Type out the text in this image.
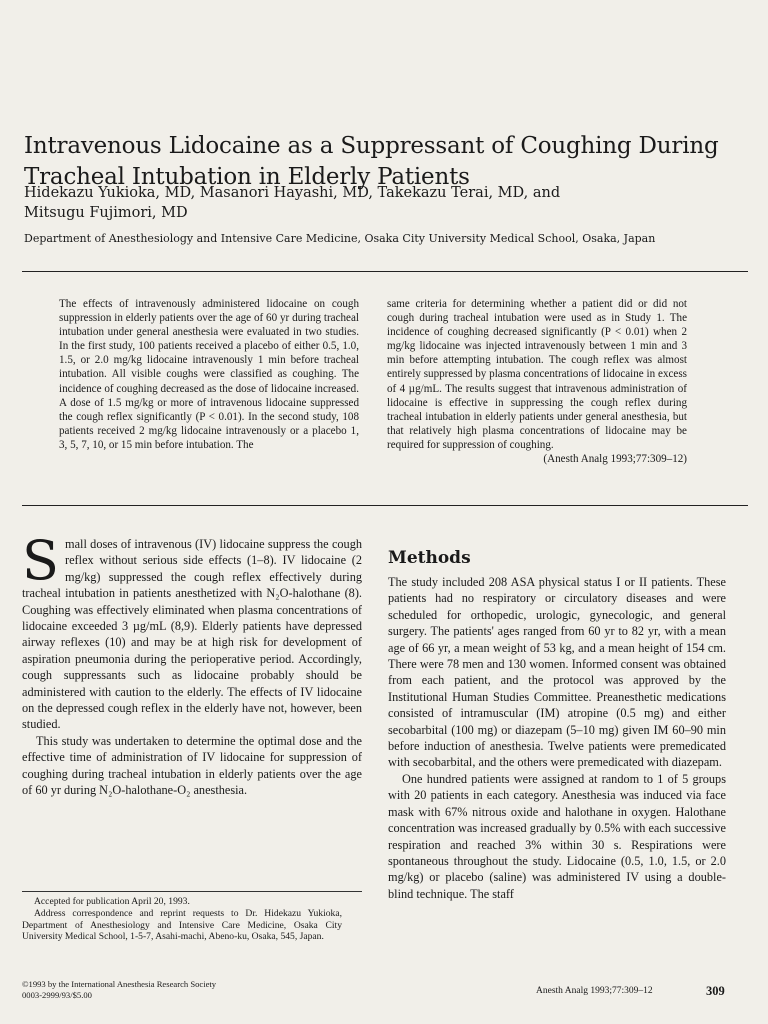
Intravenous Lidocaine as a Suppressant of Coughing During
Tracheal Intubation in Elderly Patients
Hidekazu Yukioka, MD, Masanori Hayashi, MD, Takekazu Terai, MD, and
Mitsugu Fujimori, MD
Department of Anesthesiology and Intensive Care Medicine, Osaka City University Medical School, Osaka, Japan
The effects of intravenously administered lidocaine on cough suppression in elderly patients over the age of 60 yr during tracheal intubation under general anesthesia were evaluated in two studies. In the first study, 100 patients received a placebo of either 0.5, 1.0, 1.5, or 2.0 mg/kg lidocaine intravenously 1 min before tracheal intubation. All visible coughs were classified as coughing. The incidence of coughing decreased as the dose of lidocaine increased. A dose of 1.5 mg/kg or more of intravenous lidocaine suppressed the cough reflex significantly (P < 0.01). In the second study, 108 patients received 2 mg/kg lidocaine intravenously or a placebo 1, 3, 5, 7, 10, or 15 min before intubation. The
same criteria for determining whether a patient did or did not cough during tracheal intubation were used as in Study 1. The incidence of coughing decreased significantly (P < 0.01) when 2 mg/kg lidocaine was injected intravenously between 1 min and 3 min before attempting intubation. The cough reflex was almost entirely suppressed by plasma concentrations of lidocaine in excess of 4 µg/mL. The results suggest that intravenous administration of lidocaine is effective in suppressing the cough reflex during tracheal intubation in elderly patients under general anesthesia, but that relatively high plasma concentrations of lidocaine may be required for suppression of coughing.
(Anesth Analg 1993;77:309–12)

S mall doses of intravenous (IV) lidocaine suppress the cough reflex without serious side effects (1–8). IV lidocaine (2 mg/kg) suppressed the cough reflex effectively during tracheal intubation in patients anesthetized with N₂O-halothane (8). Coughing was effectively eliminated when plasma concentrations of lidocaine exceeded 3 µg/mL (8,9). Elderly patients have depressed airway reflexes (10) and may be at high risk for development of aspiration pneumonia during the perioperative period. Accordingly, cough suppressants such as lidocaine probably should be administered with caution to the elderly. The effects of IV lidocaine on the depressed cough reflex in the elderly have not, however, been studied.

This study was undertaken to determine the optimal dose and the effective time of administration of IV lidocaine for suppression of coughing during tracheal intubation in elderly patients over the age of 60 yr during N₂O-halothane-O₂ anesthesia.

Methods

The study included 208 ASA physical status I or II patients. These patients had no respiratory or circulatory diseases and were scheduled for orthopedic, urologic, gynecologic, and general surgery. The patients' ages ranged from 60 yr to 82 yr, with a mean age of 66 yr, a mean weight of 53 kg, and a mean height of 154 cm. There were 78 men and 130 women. Informed consent was obtained from each patient, and the protocol was approved by the Institutional Human Studies Committee. Preanesthetic medications consisted of intramuscular (IM) atropine (0.5 mg) and either secobarbital (100 mg) or diazepam (5–10 mg) given IM 60–90 min before induction of anesthesia. Twelve patients were premedicated with secobarbital, and the others were premedicated with diazepam.

One hundred patients were assigned at random to 1 of 5 groups with 20 patients in each category. Anesthesia was induced via face mask with 67% nitrous oxide and halothane in oxygen. Halothane concentration was increased gradually by 0.5% with each successive respiration and reached 3% within 30 s. Respirations were spontaneous throughout the study. Lidocaine (0.5, 1.0, 1.5, or 2.0 mg/kg) or placebo (saline) was administered IV using a double-blind technique. The staff

Accepted for publication April 20, 1993.

Address correspondence and reprint requests to Dr. Hidekazu Yukioka, Department of Anesthesiology and Intensive Care Medicine, Osaka City University Medical School, 1-5-7, Asahi-machi, Abeno-ku, Osaka, 545, Japan.

©1993 by the International Anesthesia Research Society
0003-2999/93/$5.00	Anesth Analg 1993;77:309–12	309
